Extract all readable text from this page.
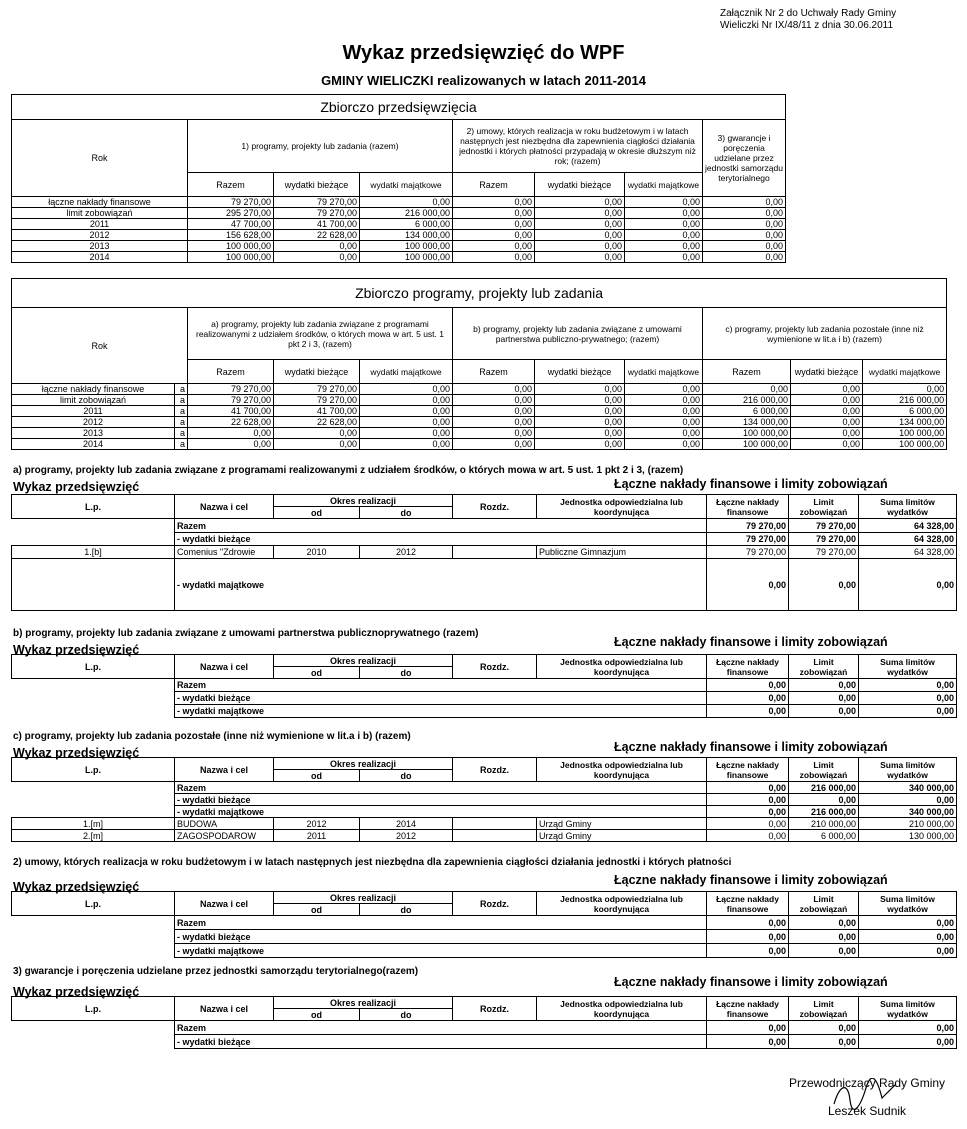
Załącznik Nr 2 do Uchwały Rady Gminy
Wieliczki Nr IX/48/11 z dnia 30.06.2011
Wykaz przedsięwzięć do WPF
GMINY WIELICZKI realizowanych w latach 2011-2014
Zbiorczo przedsięwzięcia							
Rok	1) programy, projekty lub zadania (razem)			2) umowy, których realizacja w roku budżetowym i w latach następnych jest niezbędna dla zapewnienia ciągłości działania jednostki i których płatności przypadają w okresie dłuższym niż rok; (razem)			3) gwarancje i poręczenia udzielane przez jednostki samorządu terytorialnego
	Razem	wydatki bieżące	wydatki majątkowe	Razem	wydatki bieżące	wydatki majątkowe	
łączne nakłady finansowe	79 270,00	79 270,00	0,00	0,00	0,00	0,00	0,00
limit zobowiązań	295 270,00	79 270,00	216 000,00	0,00	0,00	0,00	0,00
2011	47 700,00	41 700,00	6 000,00	0,00	0,00	0,00	0,00
2012	156 628,00	22 628,00	134 000,00	0,00	0,00	0,00	0,00
2013	100 000,00	0,00	100 000,00	0,00	0,00	0,00	0,00
2014	100 000,00	0,00	100 000,00	0,00	0,00	0,00	0,00
Zbiorczo programy, projekty lub zadania										
Rok		a) programy, projekty lub zadania związane z programami realizowanymi z udziałem środków, o których mowa w art. 5 ust. 1 pkt 2 i 3, (razem)			b) programy, projekty lub zadania związane z umowami partnerstwa publiczno-prywatnego; (razem)			c) programy, projekty lub zadania pozostałe (inne niż wymienione w lit.a i b) (razem)		
		Razem	wydatki bieżące	wydatki majątkowe	Razem	wydatki bieżące	wydatki majątkowe	Razem	wydatki bieżące	wydatki majątkowe
łączne nakłady finansowe	a	79 270,00	79 270,00	0,00	0,00	0,00	0,00	0,00	0,00	0,00
limit zobowiązań	a	79 270,00	79 270,00	0,00	0,00	0,00	0,00	216 000,00	0,00	216 000,00
2011	a	41 700,00	41 700,00	0,00	0,00	0,00	0,00	6 000,00	0,00	6 000,00
2012	a	22 628,00	22 628,00	0,00	0,00	0,00	0,00	134 000,00	0,00	134 000,00
2013	a	0,00	0,00	0,00	0,00	0,00	0,00	100 000,00	0,00	100 000,00
2014	a	0,00	0,00	0,00	0,00	0,00	0,00	100 000,00	0,00	100 000,00
a) programy, projekty lub zadania związane z programami realizowanymi z udziałem środków, o których mowa w art. 5 ust. 1 pkt 2 i 3, (razem)
Wykaz przedsięwzięć	Łączne nakłady finansowe i limity zobowiązań
L.p.	Nazwa i cel	Okres realizacji		Rozdz.	Jednostka odpowiedzialna lub koordynująca	Łączne nakłady finansowe	Limit zobowiązań	Suma limitów wydatków
		od	do					
	Razem					79 270,00	79 270,00	64 328,00
	- wydatki bieżące					79 270,00	79 270,00	64 328,00
1.[b]	Comenius "Zdrowie	2010	2012		Publiczne Gimnazjum	79 270,00	79 270,00	64 328,00
	- wydatki majątkowe					0,00	0,00	0,00
b) programy, projekty lub zadania związane z umowami partnerstwa publicznoprywatnego (razem)
Wykaz przedsięwzięć
Łączne nakłady finansowe i limity zobowiązań
L.p.	Nazwa i cel	Okres realizacji		Rozdz.	Jednostka odpowiedzialna lub koordynująca	Łączne nakłady finansowe	Limit zobowiązań	Suma limitów wydatków
		od	do					
	Razem					0,00	0,00	0,00
	- wydatki bieżące					0,00	0,00	0,00
	- wydatki majątkowe					0,00	0,00	0,00
c) programy, projekty lub zadania pozostałe (inne niż wymienione w lit.a i b) (razem)
Wykaz przedsięwzięć	Łączne nakłady finansowe i limity zobowiązań
L.p.	Nazwa i cel	Okres realizacji		Rozdz.	Jednostka odpowiedzialna lub koordynująca	Łączne nakłady finansowe	Limit zobowiązań	Suma limitów wydatków
		od	do					
	Razem					0,00	216 000,00	340 000,00
	- wydatki bieżące					0,00	0,00	0,00
	- wydatki majątkowe					0,00	216 000,00	340 000,00
1.[m]	BUDOWA	2012	2014		Urząd Gminy	0,00	210 000,00	210 000,00
2.[m]	ZAGOSPODAROW	2011	2012		Urząd Gminy	0,00	6 000,00	130 000,00
2) umowy, których realizacja w roku budżetowym i w latach następnych jest niezbędna dla zapewnienia ciągłości działania jednostki i których płatności
Wykaz przedsięwzięć	Łączne nakłady finansowe i limity zobowiązań
L.p.	Nazwa i cel	Okres realizacji		Rozdz.	Jednostka odpowiedzialna lub koordynująca	Łączne nakłady finansowe	Limit zobowiązań	Suma limitów wydatków
		od	do					
	Razem					0,00	0,00	0,00
	- wydatki bieżące					0,00	0,00	0,00
	- wydatki majątkowe					0,00	0,00	0,00
3) gwarancje i poręczenia udzielane przez jednostki samorządu terytorialnego(razem)
Wykaz przedsięwzięć
Łączne nakłady finansowe i limity zobowiązań
L.p.	Nazwa i cel	Okres realizacji		Rozdz.	Jednostka odpowiedzialna lub koordynująca	Łączne nakłady finansowe	Limit zobowiązań	Suma limitów wydatków
		od	do					
	Razem					0,00	0,00	0,00
	- wydatki bieżące					0,00	0,00	0,00
Przewodniczący Rady Gminy
Leszek Sudnik
